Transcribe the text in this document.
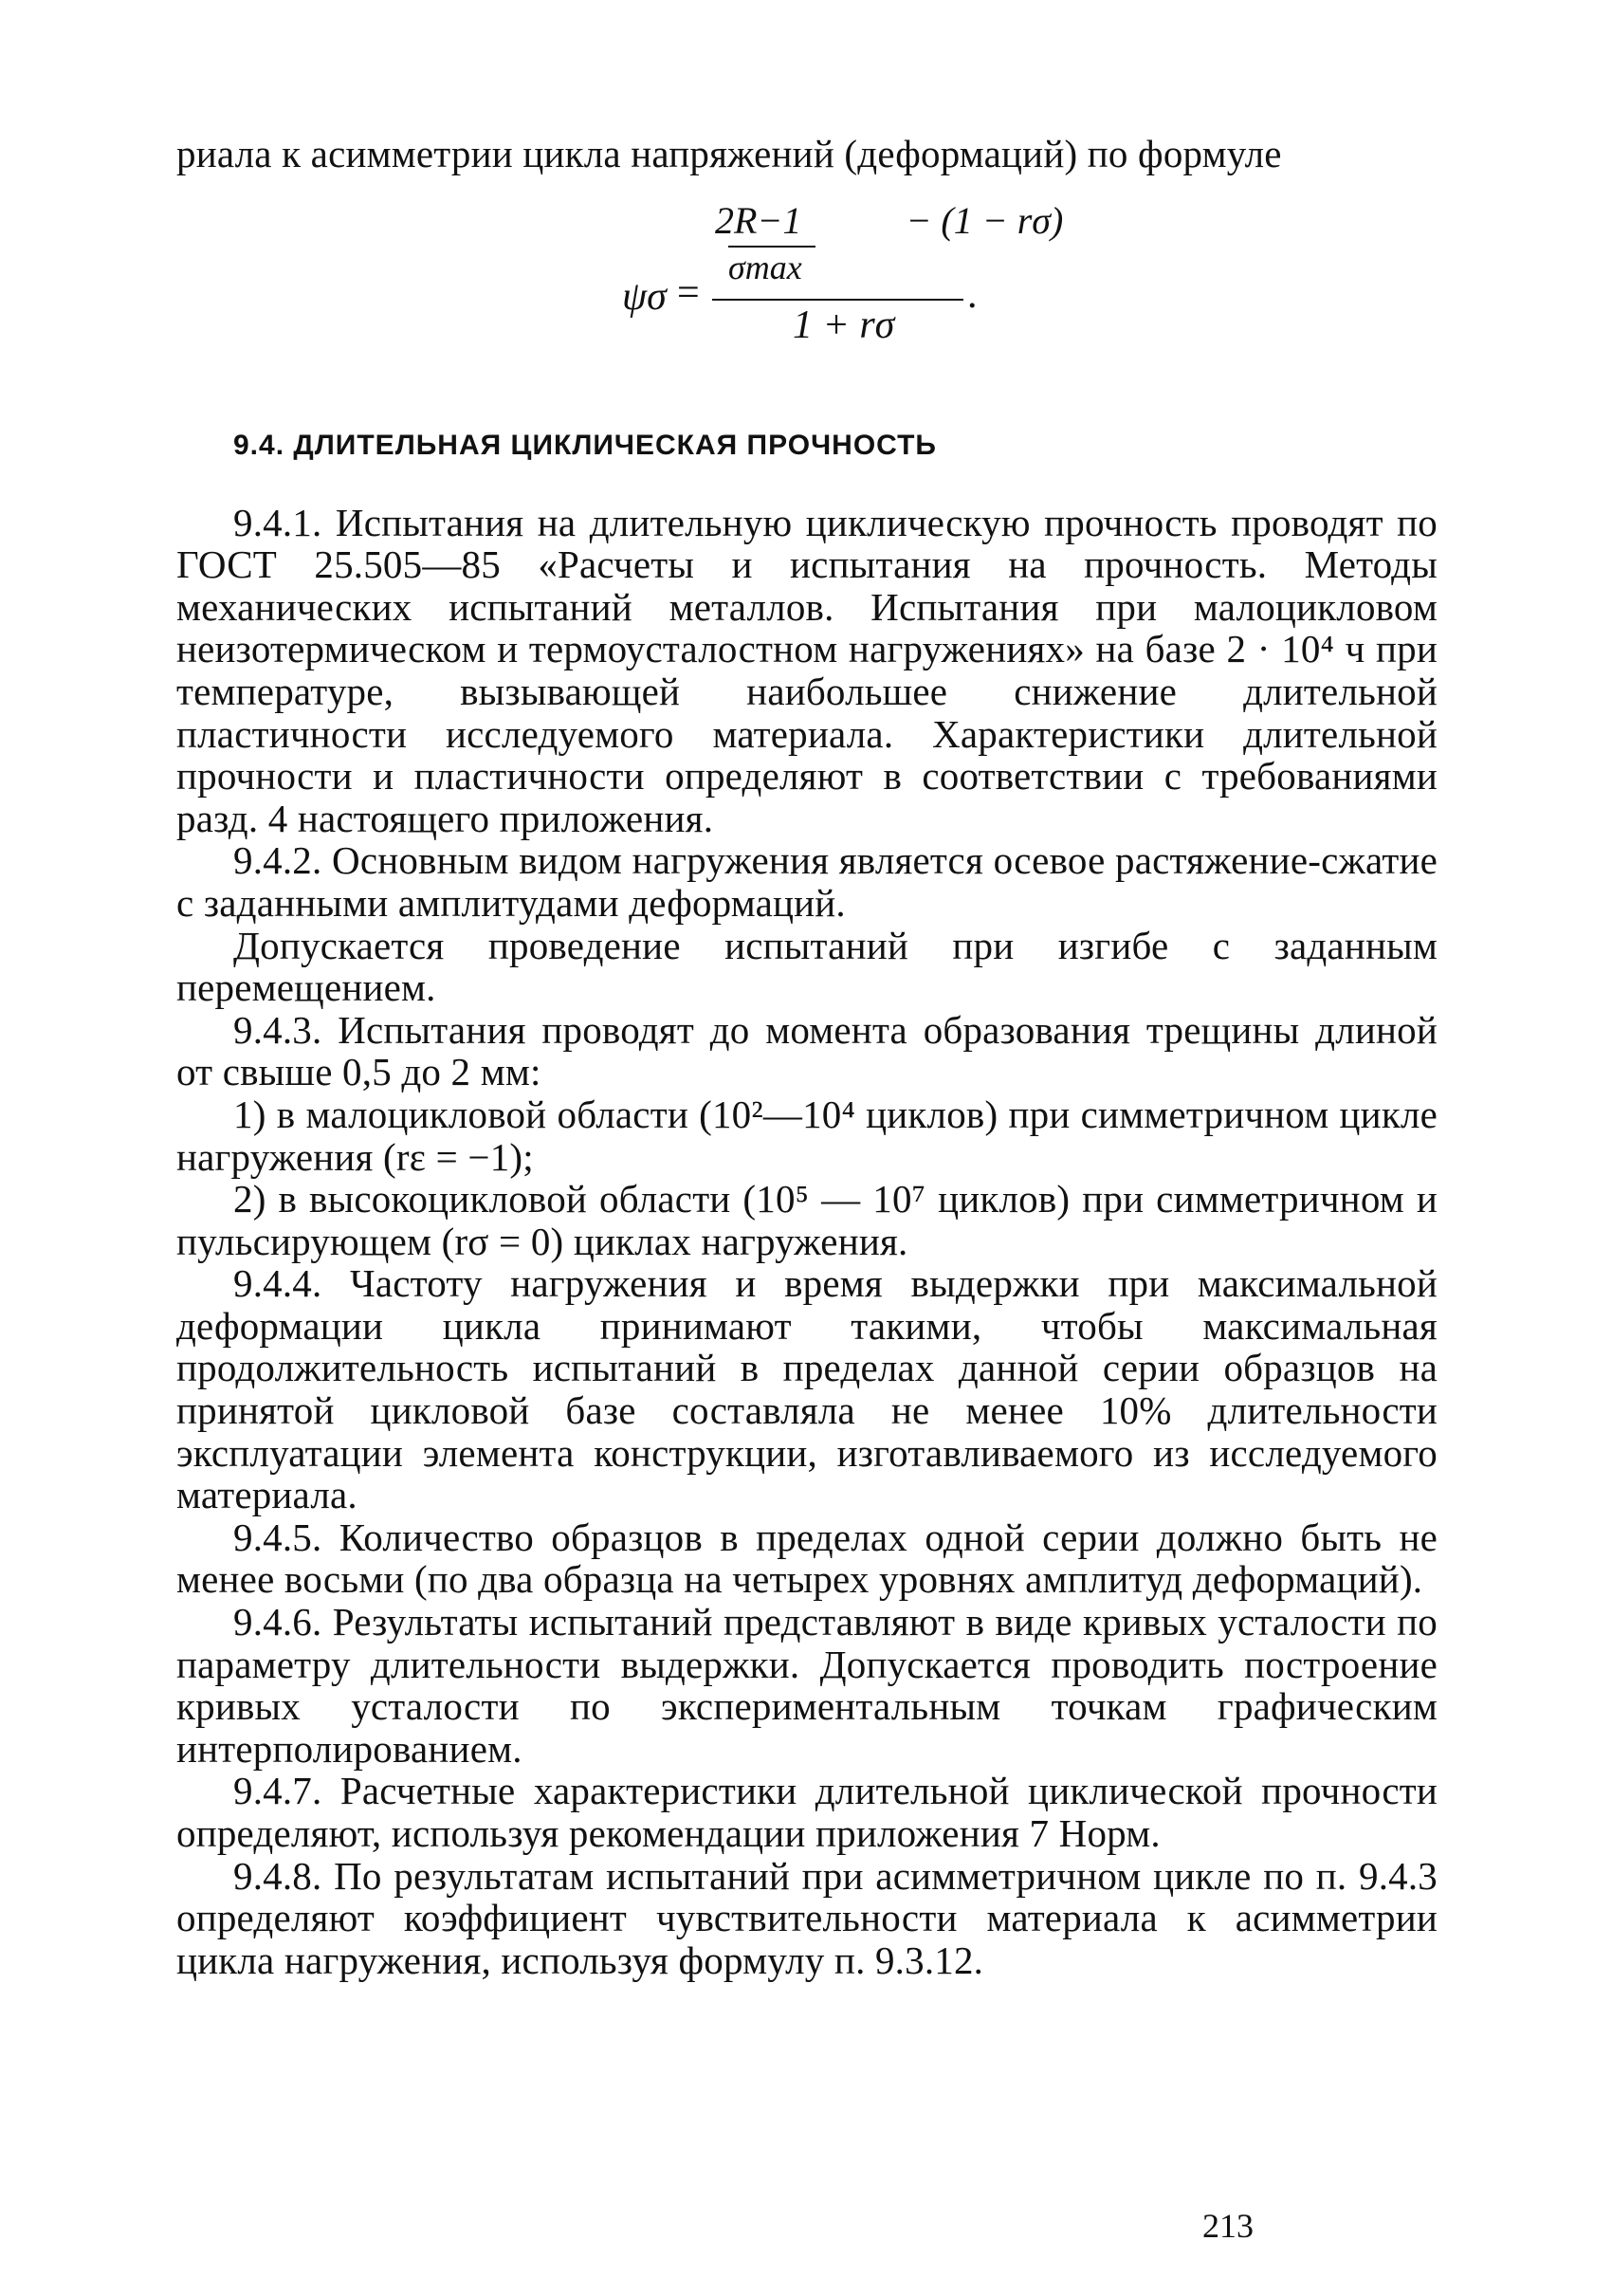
риала к асимметрии цикла напряжений (деформаций) по формуле

ψσ =
2R−1	− (1 − rσ)
σmax
1 + rσ
.
9.4. ДЛИТЕЛЬНАЯ ЦИКЛИЧЕСКАЯ ПРОЧНОСТЬ

9.4.1. Испытания на длительную циклическую прочность проводят по ГОСТ 25.505—85 «Расчеты и испытания на прочность. Методы механических испытаний металлов. Испытания при малоцикловом неизотермическом и термоусталостном нагружениях» на базе 2 · 10⁴ ч при температуре, вызывающей наибольшее снижение длительной пластичности исследуемого материала. Характеристики длительной прочности и пластичности определяют в соответствии с требованиями разд. 4 настоящего приложения.

9.4.2. Основным видом нагружения является осевое растяжение-сжатие с заданными амплитудами деформаций.

Допускается проведение испытаний при изгибе с заданным перемещением.

9.4.3. Испытания проводят до момента образования трещины длиной от свыше 0,5 до 2 мм:

1) в малоцикловой области (10²—10⁴ циклов) при симметричном цикле нагружения (rε = −1);

2) в высокоцикловой области (10⁵ — 10⁷ циклов) при симметричном и пульсирующем (rσ = 0) циклах нагружения.

9.4.4. Частоту нагружения и время выдержки при максимальной деформации цикла принимают такими, чтобы максимальная продолжительность испытаний в пределах данной серии образцов на принятой цикловой базе составляла не менее 10% длительности эксплуатации элемента конструкции, изготавливаемого из исследуемого материала.

9.4.5. Количество образцов в пределах одной серии должно быть не менее восьми (по два образца на четырех уровнях амплитуд деформаций).

9.4.6. Результаты испытаний представляют в виде кривых усталости по параметру длительности выдержки. Допускается проводить построение кривых усталости по экспериментальным точкам графическим интерполированием.

9.4.7. Расчетные характеристики длительной циклической прочности определяют, используя рекомендации приложения 7 Норм.

9.4.8. По результатам испытаний при асимметричном цикле по п. 9.4.3 определяют коэффициент чувствительности материала к асимметрии цикла нагружения, используя формулу п. 9.3.12.

213
